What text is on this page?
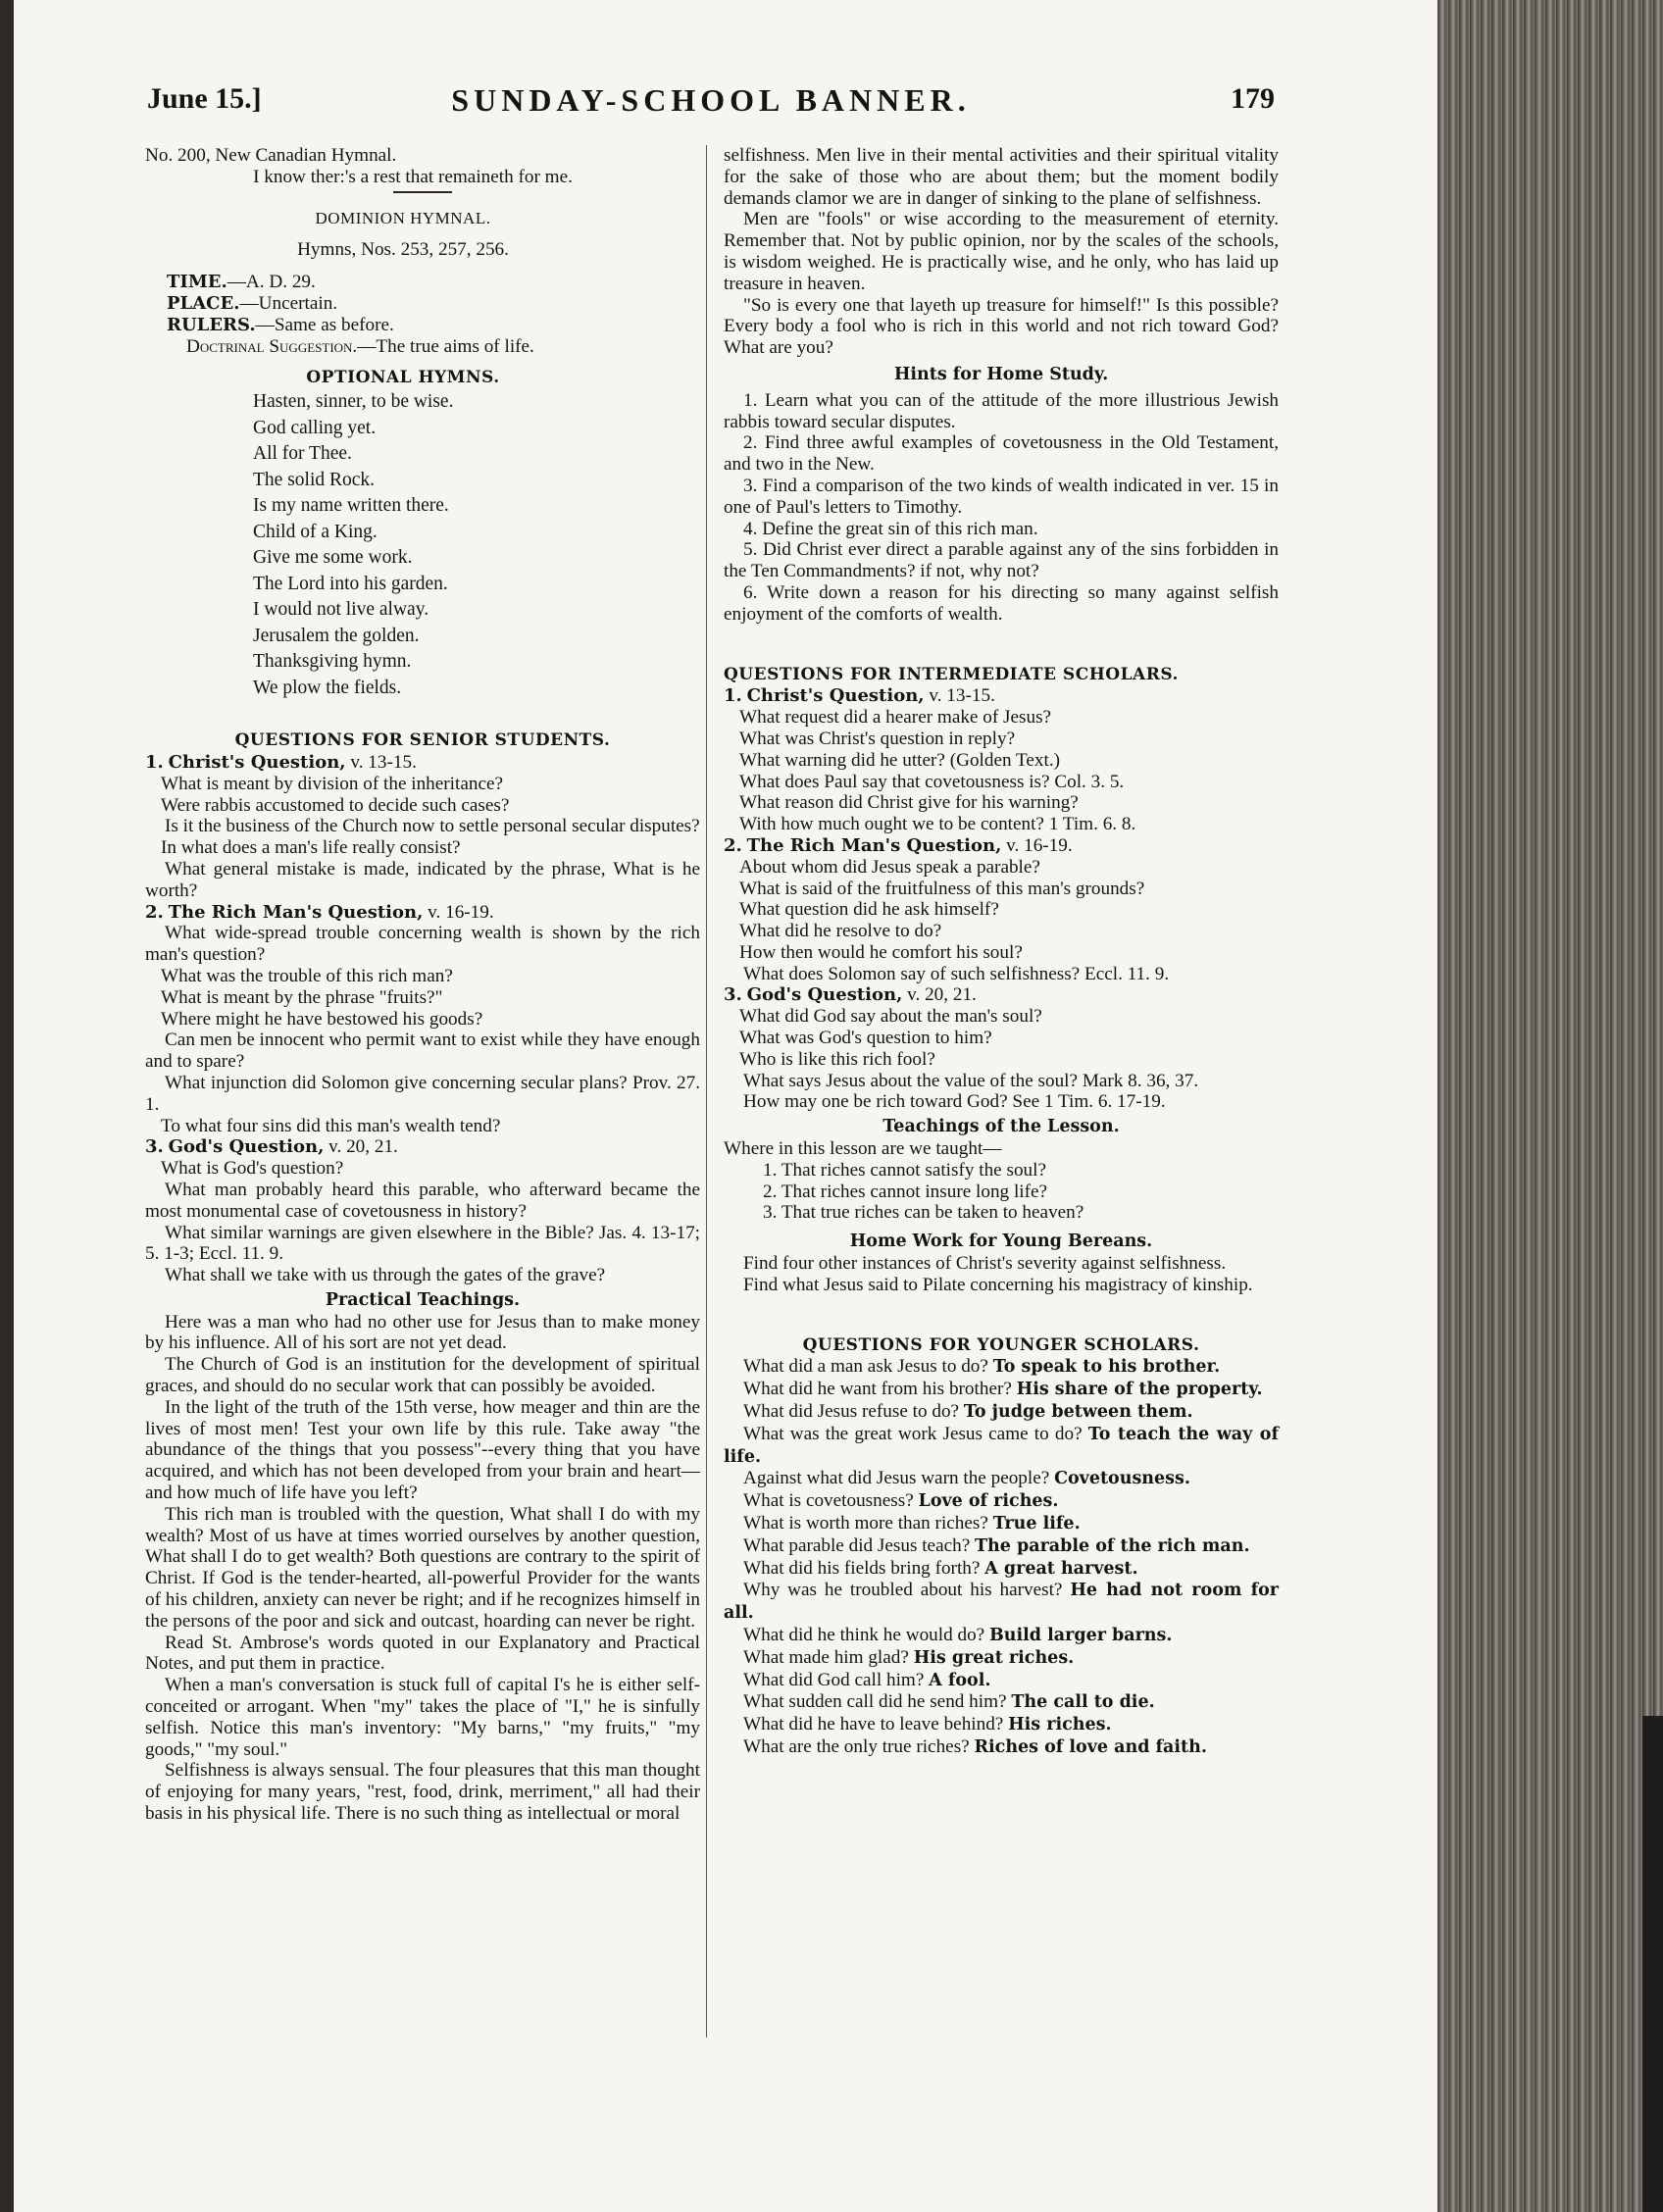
June 15.]	SUNDAY-SCHOOL BANNER.	179

No. 200, New Canadian Hymnal.

I know ther:'s a rest that remaineth for me.

DOMINION HYMNAL.

Hymns, Nos. 253, 257, 256.

TIME.—A. D. 29.

PLACE.—Uncertain.

RULERS.—Same as before.

Doctrinal Suggestion.—The true aims of life.

OPTIONAL HYMNS.

Hasten, sinner, to be wise.

God calling yet.

All for Thee.

The solid Rock.

Is my name written there.

Child of a King.

Give me some work.

The Lord into his garden.

I would not live alway.

Jerusalem the golden.

Thanksgiving hymn.

We plow the fields.

QUESTIONS FOR SENIOR STUDENTS.

1. Christ's Question, v. 13-15.

What is meant by division of the inheritance?

Were rabbis accustomed to decide such cases?

Is it the business of the Church now to settle personal secular disputes?

In what does a man's life really consist?

What general mistake is made, indicated by the phrase, What is he worth?

2. The Rich Man's Question, v. 16-19.

What wide-spread trouble concerning wealth is shown by the rich man's question?

What was the trouble of this rich man?

What is meant by the phrase "fruits?"

Where might he have bestowed his goods?

Can men be innocent who permit want to exist while they have enough and to spare?

What injunction did Solomon give concerning secular plans? Prov. 27. 1.

To what four sins did this man's wealth tend?

3. God's Question, v. 20, 21.

What is God's question?

What man probably heard this parable, who afterward became the most monumental case of covetousness in history?

What similar warnings are given elsewhere in the Bible? Jas. 4. 13-17; 5. 1-3; Eccl. 11. 9.

What shall we take with us through the gates of the grave?

Practical Teachings.

Here was a man who had no other use for Jesus than to make money by his influence. All of his sort are not yet dead.

The Church of God is an institution for the development of spiritual graces, and should do no secular work that can possibly be avoided.

In the light of the truth of the 15th verse, how meager and thin are the lives of most men! Test your own life by this rule. Take away "the abundance of the things that you possess"--every thing that you have acquired, and which has not been developed from your brain and heart—and how much of life have you left?

This rich man is troubled with the question, What shall I do with my wealth? Most of us have at times worried ourselves by another question, What shall I do to get wealth? Both questions are contrary to the spirit of Christ. If God is the tender-hearted, all-powerful Provider for the wants of his children, anxiety can never be right; and if he recognizes himself in the persons of the poor and sick and outcast, hoarding can never be right.

Read St. Ambrose's words quoted in our Explanatory and Practical Notes, and put them in practice.

When a man's conversation is stuck full of capital I's he is either self-conceited or arrogant. When "my" takes the place of "I," he is sinfully selfish. Notice this man's inventory: "My barns," "my fruits," "my goods," "my soul."

Selfishness is always sensual. The four pleasures that this man thought of enjoying for many years, "rest, food, drink, merriment," all had their basis in his physical life. There is no such thing as intellectual or moral

selfishness. Men live in their mental activities and their spiritual vitality for the sake of those who are about them; but the moment bodily demands clamor we are in danger of sinking to the plane of selfishness.

Men are "fools" or wise according to the measurement of eternity. Remember that. Not by public opinion, nor by the scales of the schools, is wisdom weighed. He is practically wise, and he only, who has laid up treasure in heaven.

"So is every one that layeth up treasure for himself!" Is this possible? Every body a fool who is rich in this world and not rich toward God? What are you?

Hints for Home Study.

1. Learn what you can of the attitude of the more illustrious Jewish rabbis toward secular disputes.

2. Find three awful examples of covetousness in the Old Testament, and two in the New.

3. Find a comparison of the two kinds of wealth indicated in ver. 15 in one of Paul's letters to Timothy.

4. Define the great sin of this rich man.

5. Did Christ ever direct a parable against any of the sins forbidden in the Ten Commandments? if not, why not?

6. Write down a reason for his directing so many against selfish enjoyment of the comforts of wealth.

QUESTIONS FOR INTERMEDIATE SCHOLARS.

1. Christ's Question, v. 13-15.

What request did a hearer make of Jesus?

What was Christ's question in reply?

What warning did he utter? (Golden Text.)

What does Paul say that covetousness is? Col. 3. 5.

What reason did Christ give for his warning?

With how much ought we to be content? 1 Tim. 6. 8.

2. The Rich Man's Question, v. 16-19.

About whom did Jesus speak a parable?

What is said of the fruitfulness of this man's grounds?

What question did he ask himself?

What did he resolve to do?

How then would he comfort his soul?

What does Solomon say of such selfishness? Eccl. 11. 9.

3. God's Question, v. 20, 21.

What did God say about the man's soul?

What was God's question to him?

Who is like this rich fool?

What says Jesus about the value of the soul? Mark 8. 36, 37.

How may one be rich toward God? See 1 Tim. 6. 17-19.

Teachings of the Lesson.

Where in this lesson are we taught—

1. That riches cannot satisfy the soul?

2. That riches cannot insure long life?

3. That true riches can be taken to heaven?

Home Work for Young Bereans.

Find four other instances of Christ's severity against selfishness.

Find what Jesus said to Pilate concerning his magistracy of kinship.

QUESTIONS FOR YOUNGER SCHOLARS.

What did a man ask Jesus to do? To speak to his brother.

What did he want from his brother? His share of the property.

What did Jesus refuse to do? To judge between them.

What was the great work Jesus came to do? To teach the way of life.

Against what did Jesus warn the people? Covetousness.

What is covetousness? Love of riches.

What is worth more than riches? True life.

What parable did Jesus teach? The parable of the rich man.

What did his fields bring forth? A great harvest.

Why was he troubled about his harvest? He had not room for all.

What did he think he would do? Build larger barns.

What made him glad? His great riches.

What did God call him? A fool.

What sudden call did he send him? The call to die.

What did he have to leave behind? His riches.

What are the only true riches? Riches of love and faith.
